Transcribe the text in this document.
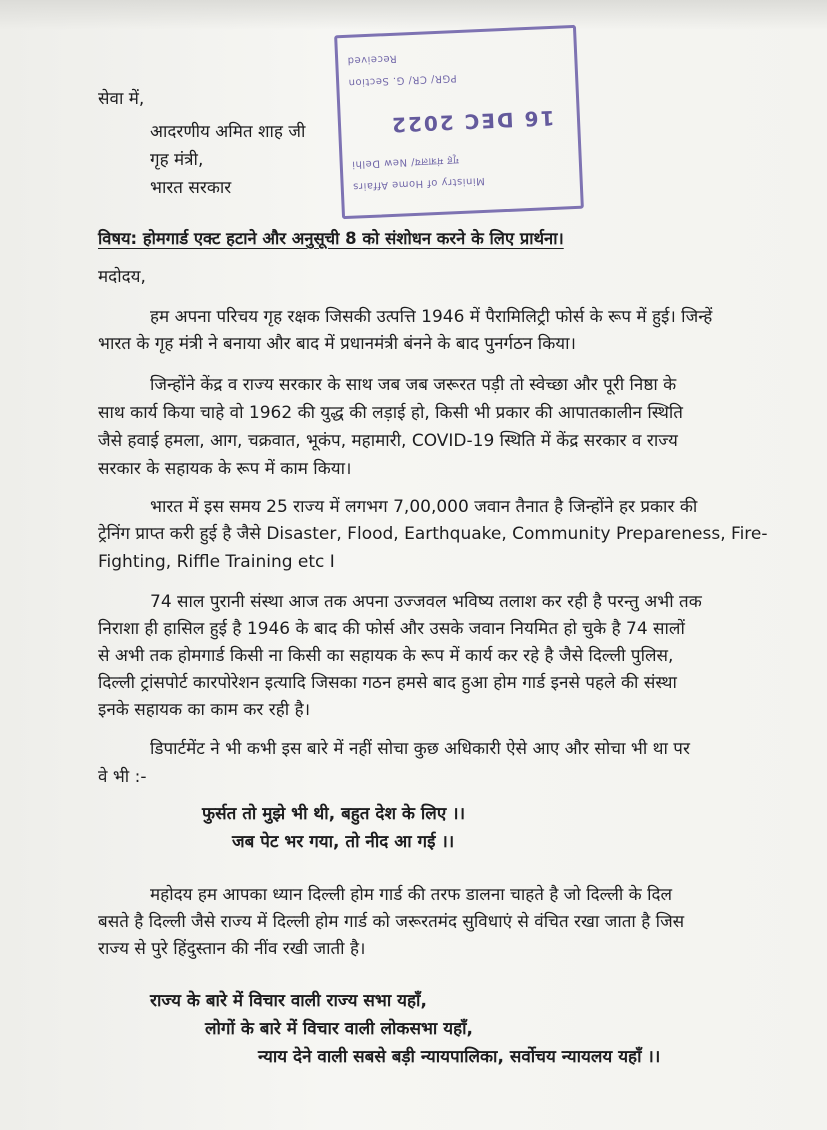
Received
PGR/ CR/ G. Section
16 DEC 2022
गृह मंत्रालय/ New Delhi
Ministry of Home Affairs
सेवा में,
आदरणीय अमित शाह जी
गृह मंत्री,
भारत सरकार
विषय: होमगार्ड एक्ट हटाने और अनुसूची 8 को संशोधन करने के लिए प्रार्थना।
मदोदय,
हम अपना परिचय गृह रक्षक जिसकी उत्पत्ति 1946 में पैरामिलिट्री फोर्स के रूप में हुई। जिन्हें
भारत के गृह मंत्री ने बनाया और बाद में प्रधानमंत्री बंनने के बाद पुनर्गठन किया।
जिन्होंने केंद्र व राज्य सरकार के साथ जब जब जरूरत पड़ी तो स्वेच्छा और पूरी निष्ठा के
साथ कार्य किया चाहे वो 1962 की युद्ध की लड़ाई हो, किसी भी प्रकार की आपातकालीन स्थिति
जैसे हवाई हमला, आग, चक्रवात, भूकंप, महामारी, COVID-19 स्थिति में केंद्र सरकार व राज्य
सरकार के सहायक के रूप में काम किया।
भारत में इस समय 25 राज्य में लगभग 7,00,000 जवान तैनात है जिन्होंने हर प्रकार की
ट्रेनिंग प्राप्त करी हुई है जैसे Disaster, Flood, Earthquake, Community Prepareness, Fire-
Fighting, Riffle Training etc I
74 साल पुरानी संस्था आज तक अपना उज्जवल भविष्य तलाश कर रही है परन्तु अभी तक
निराशा ही हासिल हुई है 1946 के बाद की फोर्स और उसके जवान नियमित हो चुके है 74 सालों
से अभी तक होमगार्ड किसी ना किसी का सहायक के रूप में कार्य कर रहे है जैसे दिल्ली पुलिस,
दिल्ली ट्रांसपोर्ट कारपोरेशन इत्यादि जिसका गठन हमसे बाद हुआ होम गार्ड इनसे पहले की संस्था
इनके सहायक का काम कर रही है।
डिपार्टमेंट ने भी कभी इस बारे में नहीं सोचा कुछ अधिकारी ऐसे आए और सोचा भी था पर
वे भी :-
फुर्सत तो मुझे भी थी, बहुत देश के लिए ।।
जब पेट भर गया, तो नीद आ गई ।।
महोदय हम आपका ध्यान दिल्ली होम गार्ड की तरफ डालना चाहते है जो दिल्ली के दिल
बसते है दिल्ली जैसे राज्य में दिल्ली होम गार्ड को जरूरतमंद सुविधाएं से वंचित रखा जाता है जिस
राज्य से पुरे हिंदुस्तान की नींव रखी जाती है।
राज्य के बारे में विचार वाली राज्य सभा यहाँ,
लोगों के बारे में विचार वाली लोकसभा यहाँ,
न्याय देने वाली सबसे बड़ी न्यायपालिका, सर्वोचय न्यायलय यहाँ ।।
